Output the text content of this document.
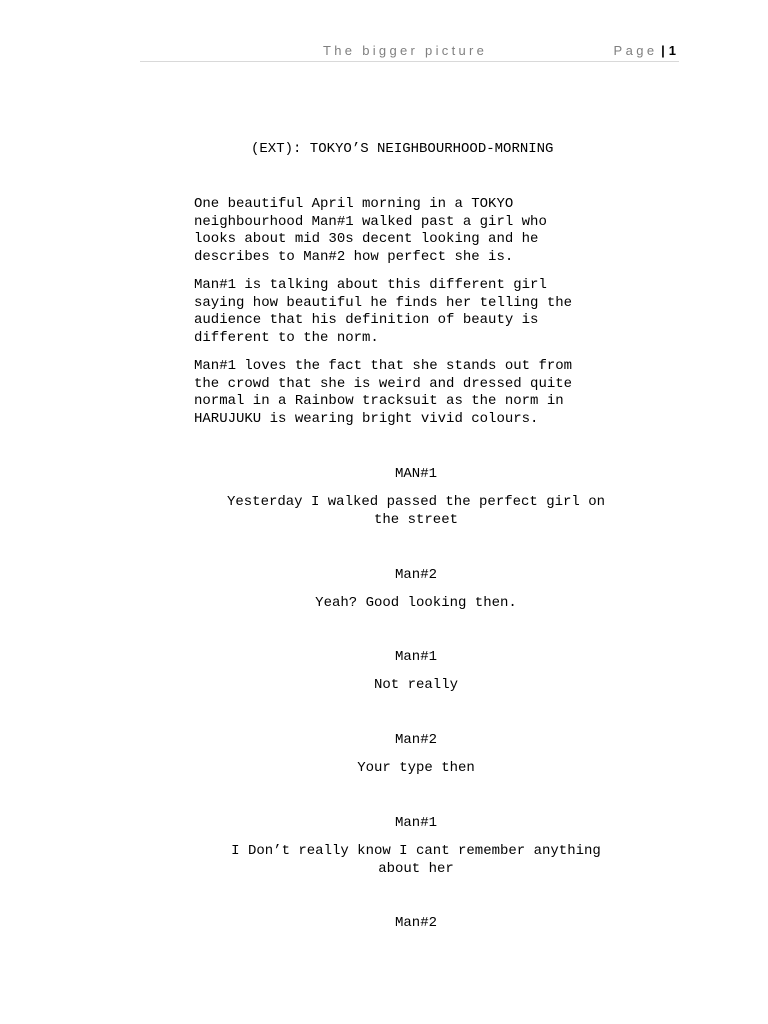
The bigger picture	Page | 1
(EXT): TOKYO’S NEIGHBOURHOOD-MORNING
One beautiful April morning in a TOKYO
neighbourhood Man#1 walked past a girl who
looks about mid 30s decent looking and he
describes to Man#2 how perfect she is.
Man#1 is talking about this different girl
saying how beautiful he finds her telling the
audience that his definition of beauty is
different to the norm.
Man#1 loves the fact that she stands out from
the crowd that she is weird and dressed quite
normal in a Rainbow tracksuit as the norm in
HARUJUKU is wearing bright vivid colours.
MAN#1
Yesterday I walked passed the perfect girl on
the street
Man#2
Yeah? Good looking then.
Man#1
Not really
Man#2
Your type then
Man#1
I Don’t really know I cant remember anything
about her
Man#2
